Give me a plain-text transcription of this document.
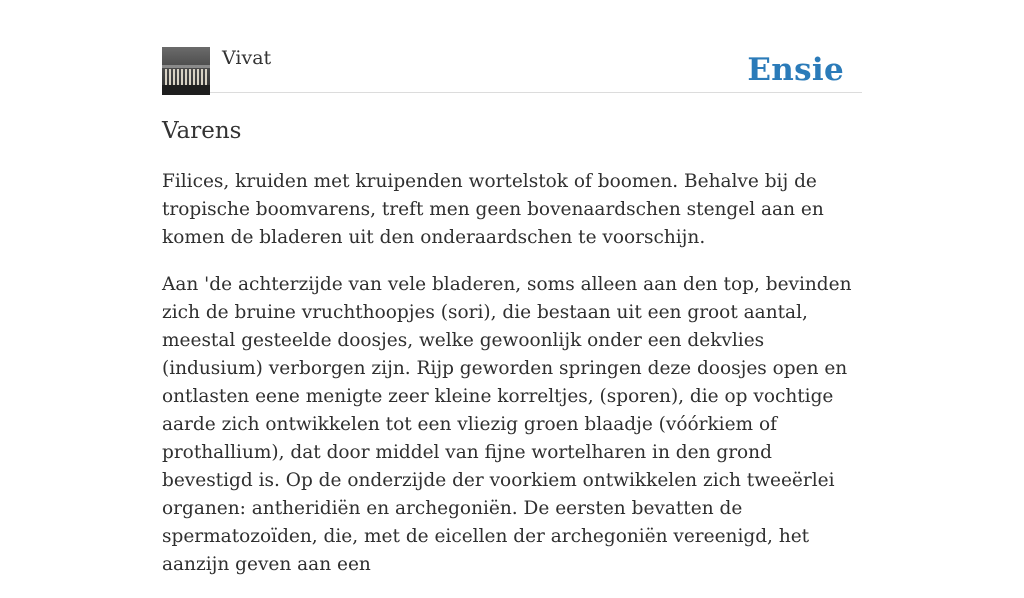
Vivat	Ensie
Varens

Filices, kruiden met kruipenden wortelstok of boomen. Behalve bij de tropische boomvarens, treft men geen bovenaardschen stengel aan en komen de bladeren uit den onderaardschen te voorschijn.

Aan 'de achterzijde van vele bladeren, soms alleen aan den top, bevinden zich de bruine vruchthoopjes (sori), die bestaan uit een groot aantal, meestal gesteelde doosjes, welke gewoonlijk onder een dekvlies (indusium) verborgen zijn. Rijp geworden springen deze doosjes open en ontlasten eene menigte zeer kleine korreltjes, (sporen), die op vochtige aarde zich ontwikkelen tot een vliezig groen blaadje (vóórkiem of prothallium), dat door middel van fijne wortelharen in den grond bevestigd is. Op de onderzijde der voorkiem ontwikkelen zich tweeërlei organen: antheridiën en archegoniën. De eersten bevatten de spermatozoïden, die, met de eicellen der archegoniën vereenigd, het aanzijn geven aan een
